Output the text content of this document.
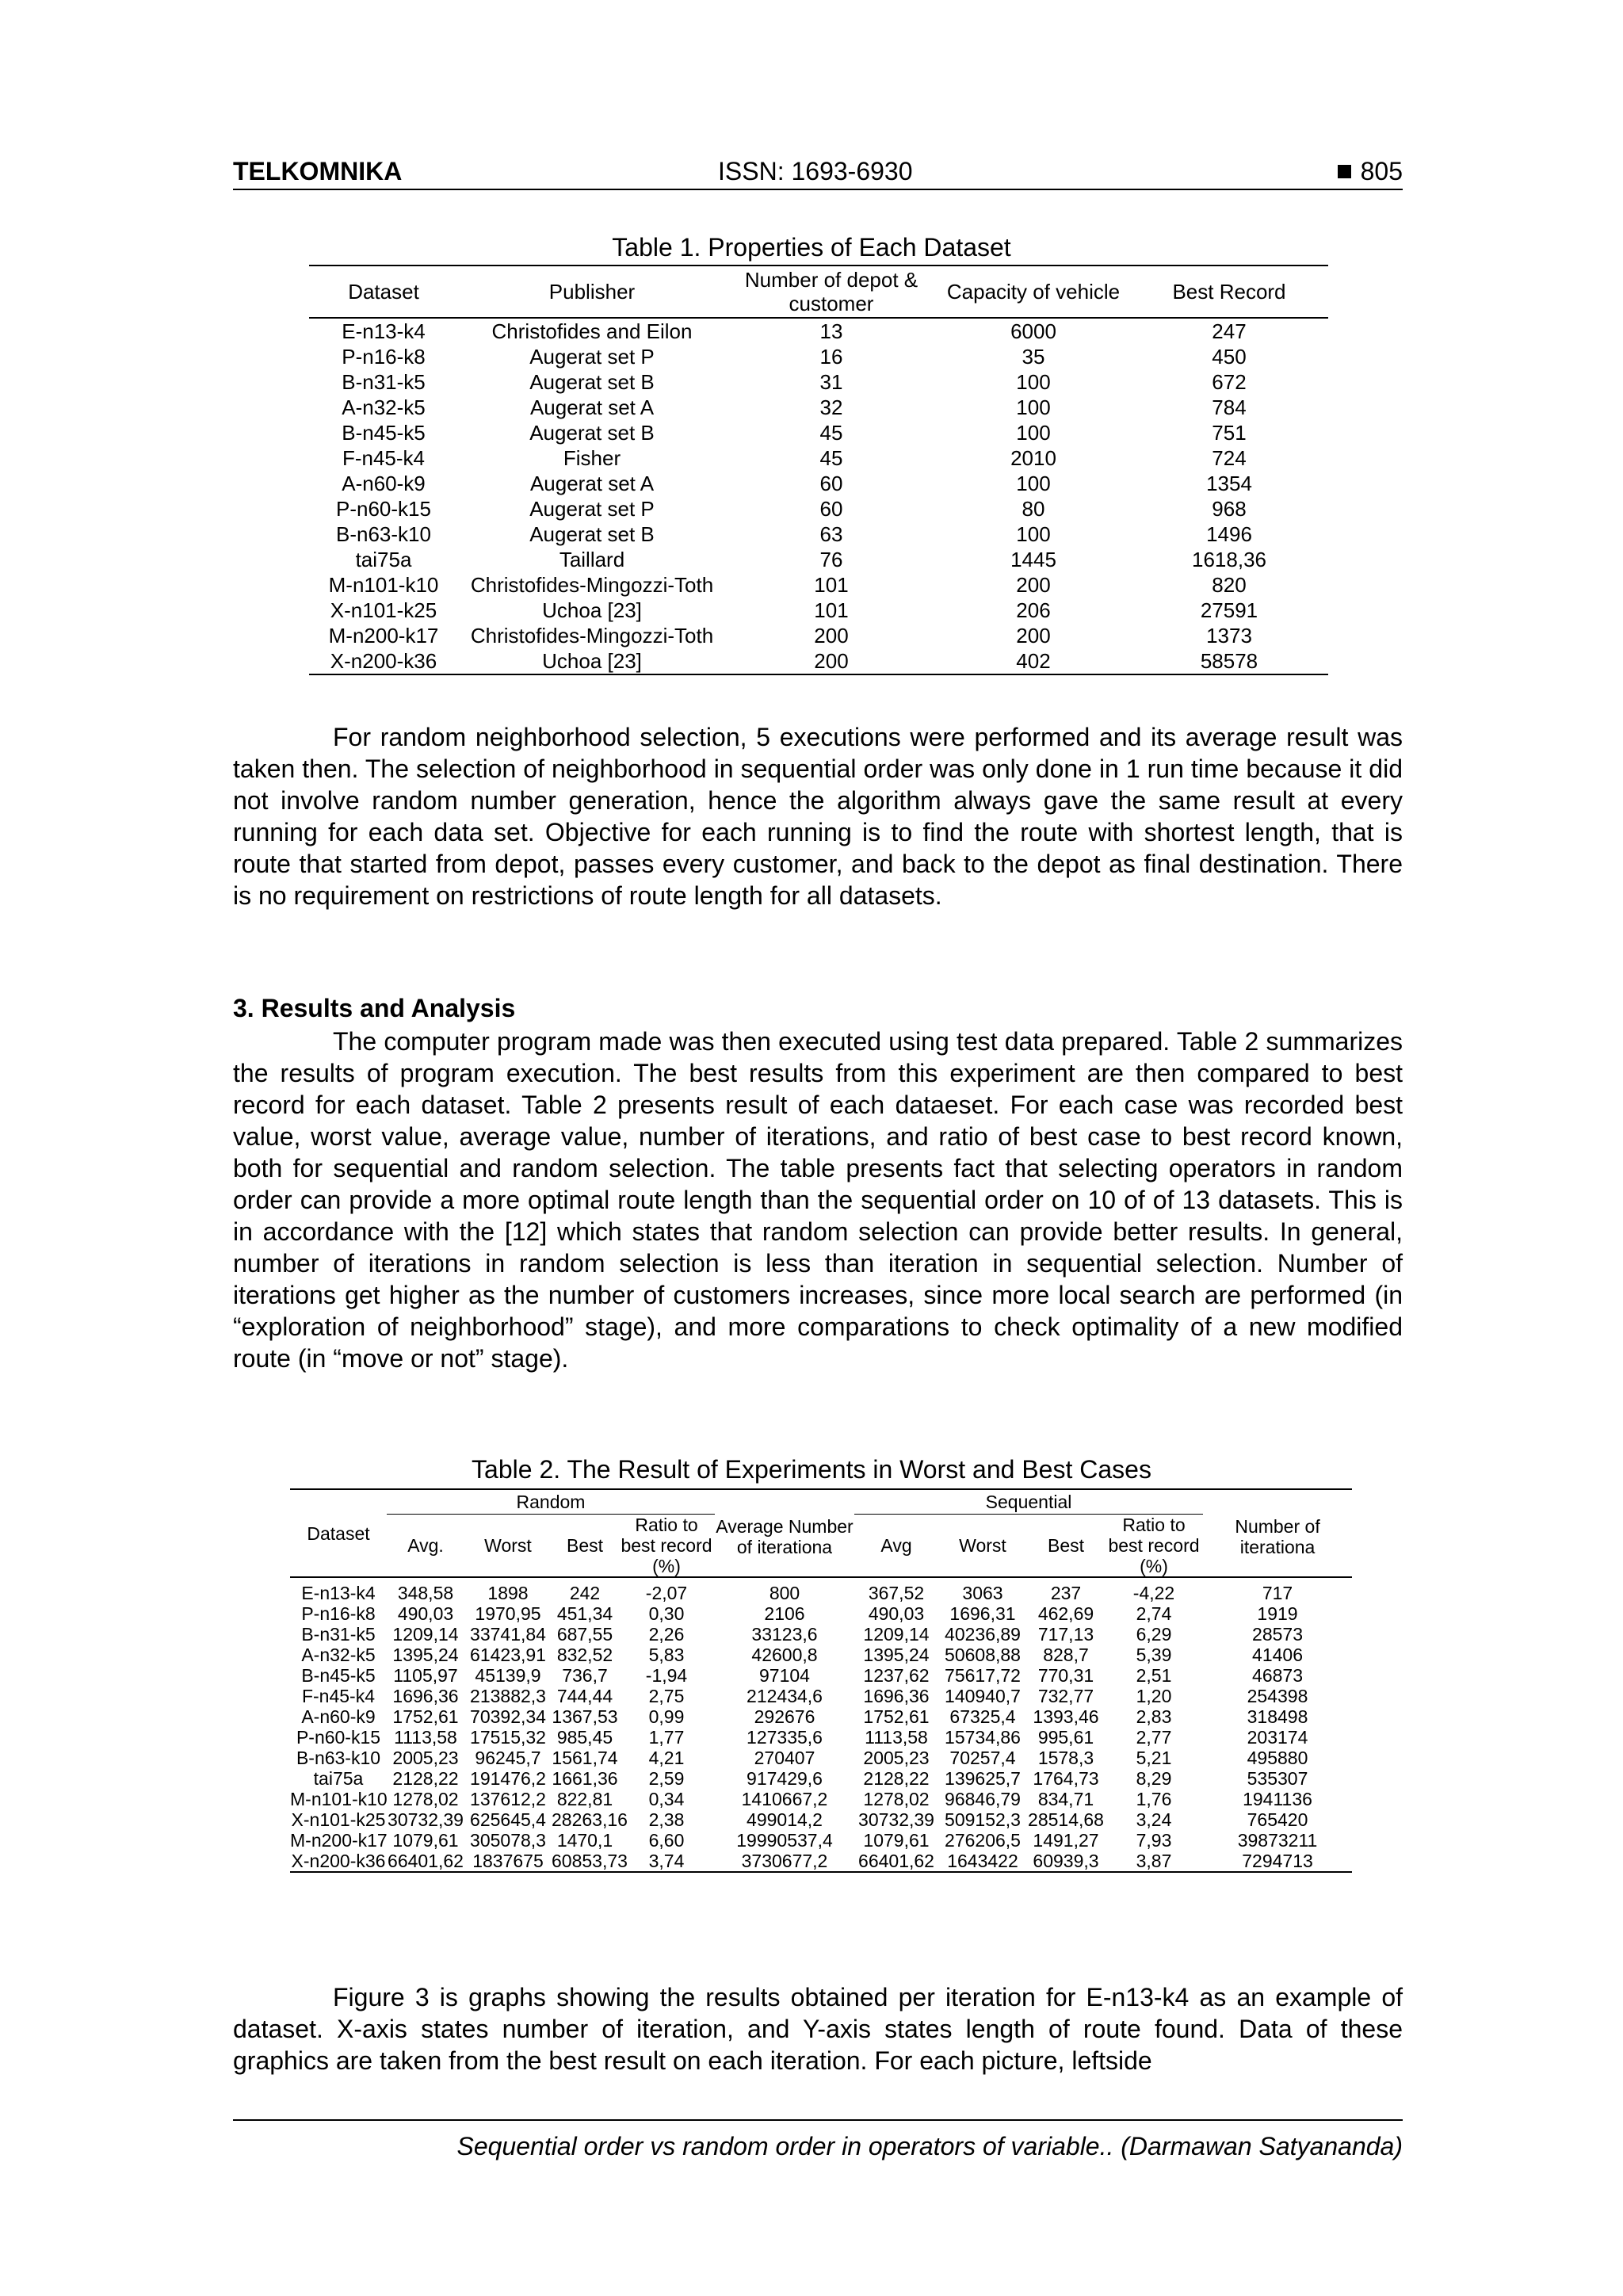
TELKOMNIKA	ISSN: 1693-6930	805
Table 1. Properties of Each Dataset
Dataset	Publisher	Number of depot & customer	Capacity of vehicle	Best Record
E-n13-k4	Christofides and Eilon	13	6000	247
P-n16-k8	Augerat set P	16	35	450
B-n31-k5	Augerat set B	31	100	672
A-n32-k5	Augerat set A	32	100	784
B-n45-k5	Augerat set B	45	100	751
F-n45-k4	Fisher	45	2010	724
A-n60-k9	Augerat set A	60	100	1354
P-n60-k15	Augerat set P	60	80	968
B-n63-k10	Augerat set B	63	100	1496
tai75a	Taillard	76	1445	1618,36
M-n101-k10	Christofides-Mingozzi-Toth	101	200	820
X-n101-k25	Uchoa [23]	101	206	27591
M-n200-k17	Christofides-Mingozzi-Toth	200	200	1373
X-n200-k36	Uchoa [23]	200	402	58578

For random neighborhood selection, 5 executions were performed and its average result was taken then. The selection of neighborhood in sequential order was only done in 1 run time because it did not involve random number generation, hence the algorithm always gave the same result at every running for each data set. Objective for each running is to find the route with shortest length, that is route that started from depot, passes every customer, and back to the depot as final destination. There is no requirement on restrictions of route length for all datasets.

3. Results and Analysis

The computer program made was then executed using test data prepared. Table 2 summarizes the results of program execution. The best results from this experiment are then compared to best record for each dataset. Table 2 presents result of each dataeset. For each case was recorded best value, worst value, average value, number of iterations, and ratio of best case to best record known, both for sequential and random selection. The table presents fact that selecting operators in random order can provide a more optimal route length than the sequential order on 10 of of 13 datasets. This is in accordance with the [12] which states that random selection can provide better results. In general, number of iterations in random selection is less than iteration in sequential selection. Number of iterations get higher as the number of customers increases, since more local search are performed (in “exploration of neighborhood” stage), and more comparations to check optimality of a new modified route (in “move or not” stage).

Table 2. The Result of Experiments in Worst and Best Cases
Dataset	Random					Sequential				
	Avg.	Worst	Best	Ratio to best record (%)	Average Number of iterationa	Avg	Worst	Best	Ratio to best record (%)	Number of iterationa
E-n13-k4	348,58	1898	242	-2,07	800	367,52	3063	237	-4,22	717
P-n16-k8	490,03	1970,95	451,34	0,30	2106	490,03	1696,31	462,69	2,74	1919
B-n31-k5	1209,14	33741,84	687,55	2,26	33123,6	1209,14	40236,89	717,13	6,29	28573
A-n32-k5	1395,24	61423,91	832,52	5,83	42600,8	1395,24	50608,88	828,7	5,39	41406
B-n45-k5	1105,97	45139,9	736,7	-1,94	97104	1237,62	75617,72	770,31	2,51	46873
F-n45-k4	1696,36	213882,3	744,44	2,75	212434,6	1696,36	140940,7	732,77	1,20	254398
A-n60-k9	1752,61	70392,34	1367,53	0,99	292676	1752,61	67325,4	1393,46	2,83	318498
P-n60-k15	1113,58	17515,32	985,45	1,77	127335,6	1113,58	15734,86	995,61	2,77	203174
B-n63-k10	2005,23	96245,7	1561,74	4,21	270407	2005,23	70257,4	1578,3	5,21	495880
tai75a	2128,22	191476,2	1661,36	2,59	917429,6	2128,22	139625,7	1764,73	8,29	535307
M-n101-k10	1278,02	137612,2	822,81	0,34	1410667,2	1278,02	96846,79	834,71	1,76	1941136
X-n101-k25	30732,39	625645,4	28263,16	2,38	499014,2	30732,39	509152,3	28514,68	3,24	765420
M-n200-k17	1079,61	305078,3	1470,1	6,60	19990537,4	1079,61	276206,5	1491,27	7,93	39873211
X-n200-k36	66401,62	1837675	60853,73	3,74	3730677,2	66401,62	1643422	60939,3	3,87	7294713

Figure 3 is graphs showing the results obtained per iteration for E-n13-k4 as an example of dataset. X-axis states number of iteration, and Y-axis states length of route found. Data of these graphics are taken from the best result on each iteration. For each picture, leftside

Sequential order vs random order in operators of variable.. (Darmawan Satyananda)
